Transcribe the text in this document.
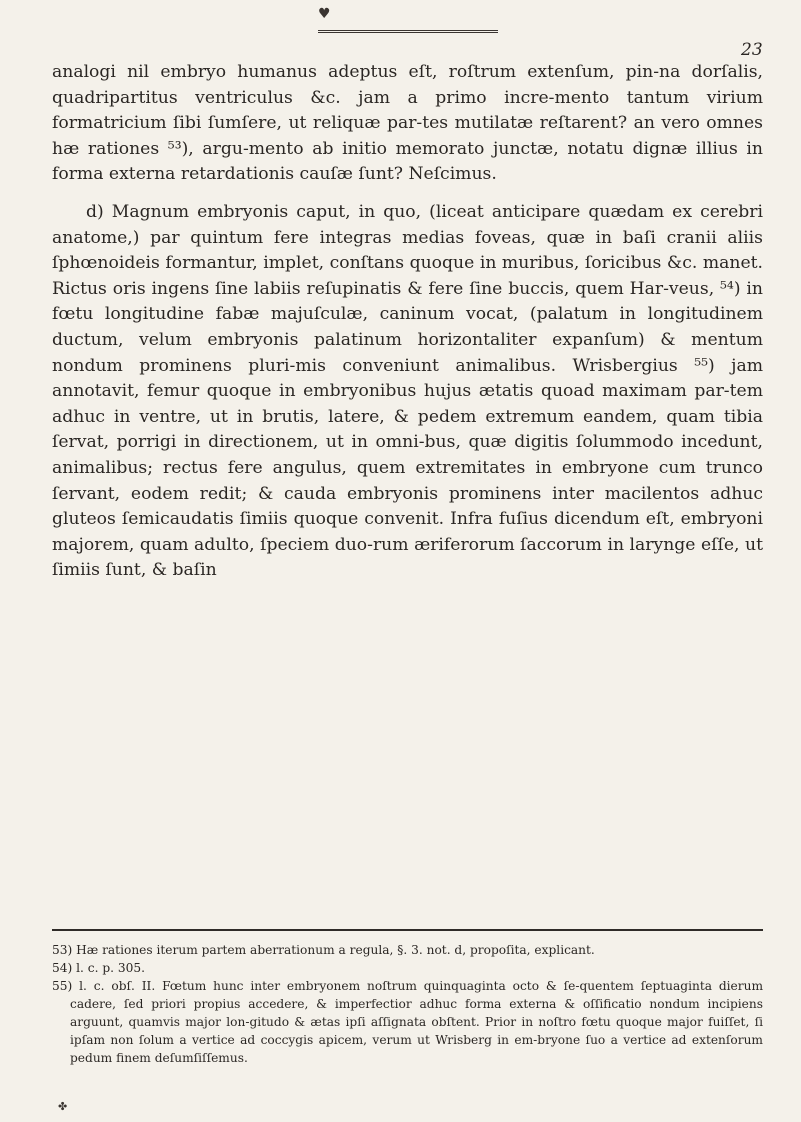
♥
23

analogi nil embryo humanus adeptus eſt, roſtrum extenſum, pin-na dorſalis, quadripartitus ventriculus &c. jam a primo incre-mento tantum virium formatricium ſibi ſumſere, ut reliquæ par-tes mutilatæ reſtarent? an vero omnes hæ rationes ⁵³), argu-mento ab initio memorato junctæ, notatu dignæ illius in forma externa retardationis cauſæ ſunt? Neſcimus.

d) Magnum embryonis caput, in quo, (liceat anticipare quædam ex cerebri anatome,) par quintum fere integras medias foveas, quæ in baſi cranii aliis ſphœnoideis formantur, implet, conſtans quoque in muribus, ſoricibus &c. manet. Rictus oris ingens ſine labiis reſupinatis & fere ſine buccis, quem Har-veus, ⁵⁴) in fœtu longitudine fabæ majuſculæ, caninum vocat, (palatum in longitudinem ductum, velum embryonis palatinum horizontaliter expanſum) & mentum nondum prominens pluri-mis conveniunt animalibus. Wrisbergius ⁵⁵) jam annotavit, femur quoque in embryonibus hujus ætatis quoad maximam par-tem adhuc in ventre, ut in brutis, latere, & pedem extremum eandem, quam tibia ſervat, porrigi in directionem, ut in omni-bus, quæ digitis ſolummodo incedunt, animalibus; rectus fere angulus, quem extremitates in embryone cum trunco ſervant, eodem redit; & cauda embryonis prominens inter macilentos adhuc gluteos ſemicaudatis ſimiis quoque convenit. Infra fuſius dicendum eſt, embryoni majorem, quam adulto, ſpeciem duo-rum æriferorum ſaccorum in larynge eſſe, ut ſimiis ſunt, & baſin

53) Hæ rationes iterum partem aberrationum a regula, §. 3. not. d, propoſita, explicant.

54) l. c. p. 305.

55) l. c. obſ. II. Fœtum hunc inter embryonem noſtrum quinquaginta octo & ſe-quentem ſeptuaginta dierum cadere, ſed priori propius accedere, & imperfectior adhuc forma externa & oſſificatio nondum incipiens arguunt, quamvis major lon-gitudo & ætas ipſi aſſignata obſtent. Prior in noſtro fœtu quoque major fuiſſet, ſi ipſam non ſolum a vertice ad coccygis apicem, verum ut Wrisberg in em-bryone ſuo a vertice ad extenſorum pedum finem deſumſiſſemus.

✤
